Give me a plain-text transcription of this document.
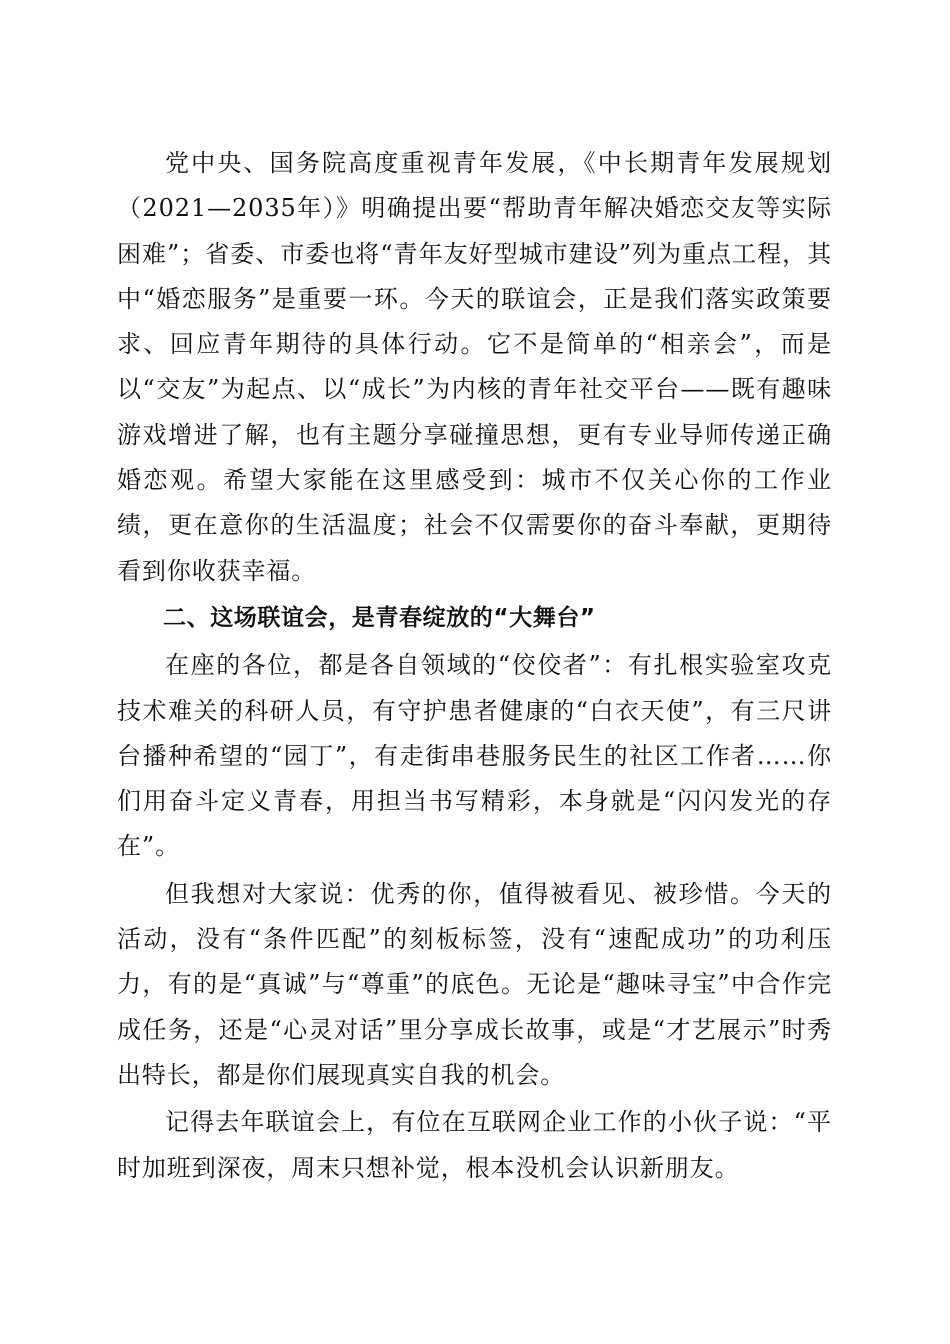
党中央、国务院高度重视青年发展，《中长期青年发展规划（2021—2035年）》明确提出要“帮助青年解决婚恋交友等实际困难”；省委、市委也将“青年友好型城市建设”列为重点工程，其中“婚恋服务”是重要一环。今天的联谊会，正是我们落实政策要求、回应青年期待的具体行动。它不是简单的“相亲会”，而是以“交友”为起点、以“成长”为内核的青年社交平台——既有趣味游戏增进了解，也有主题分享碰撞思想，更有专业导师传递正确婚恋观。希望大家能在这里感受到：城市不仅关心你的工作业绩，更在意你的生活温度；社会不仅需要你的奋斗奉献，更期待看到你收获幸福。

二、这场联谊会，是青春绽放的“大舞台”

在座的各位，都是各自领域的“佼佼者”：有扎根实验室攻克技术难关的科研人员，有守护患者健康的“白衣天使”，有三尺讲台播种希望的“园丁”，有走街串巷服务民生的社区工作者……你们用奋斗定义青春，用担当书写精彩，本身就是“闪闪发光的存在”。

但我想对大家说：优秀的你，值得被看见、被珍惜。今天的活动，没有“条件匹配”的刻板标签，没有“速配成功”的功利压力，有的是“真诚”与“尊重”的底色。无论是“趣味寻宝”中合作完成任务，还是“心灵对话”里分享成长故事，或是“才艺展示”时秀出特长，都是你们展现真实自我的机会。

记得去年联谊会上，有位在互联网企业工作的小伙子说：“平时加班到深夜，周末只想补觉，根本没机会认识新朋友。
